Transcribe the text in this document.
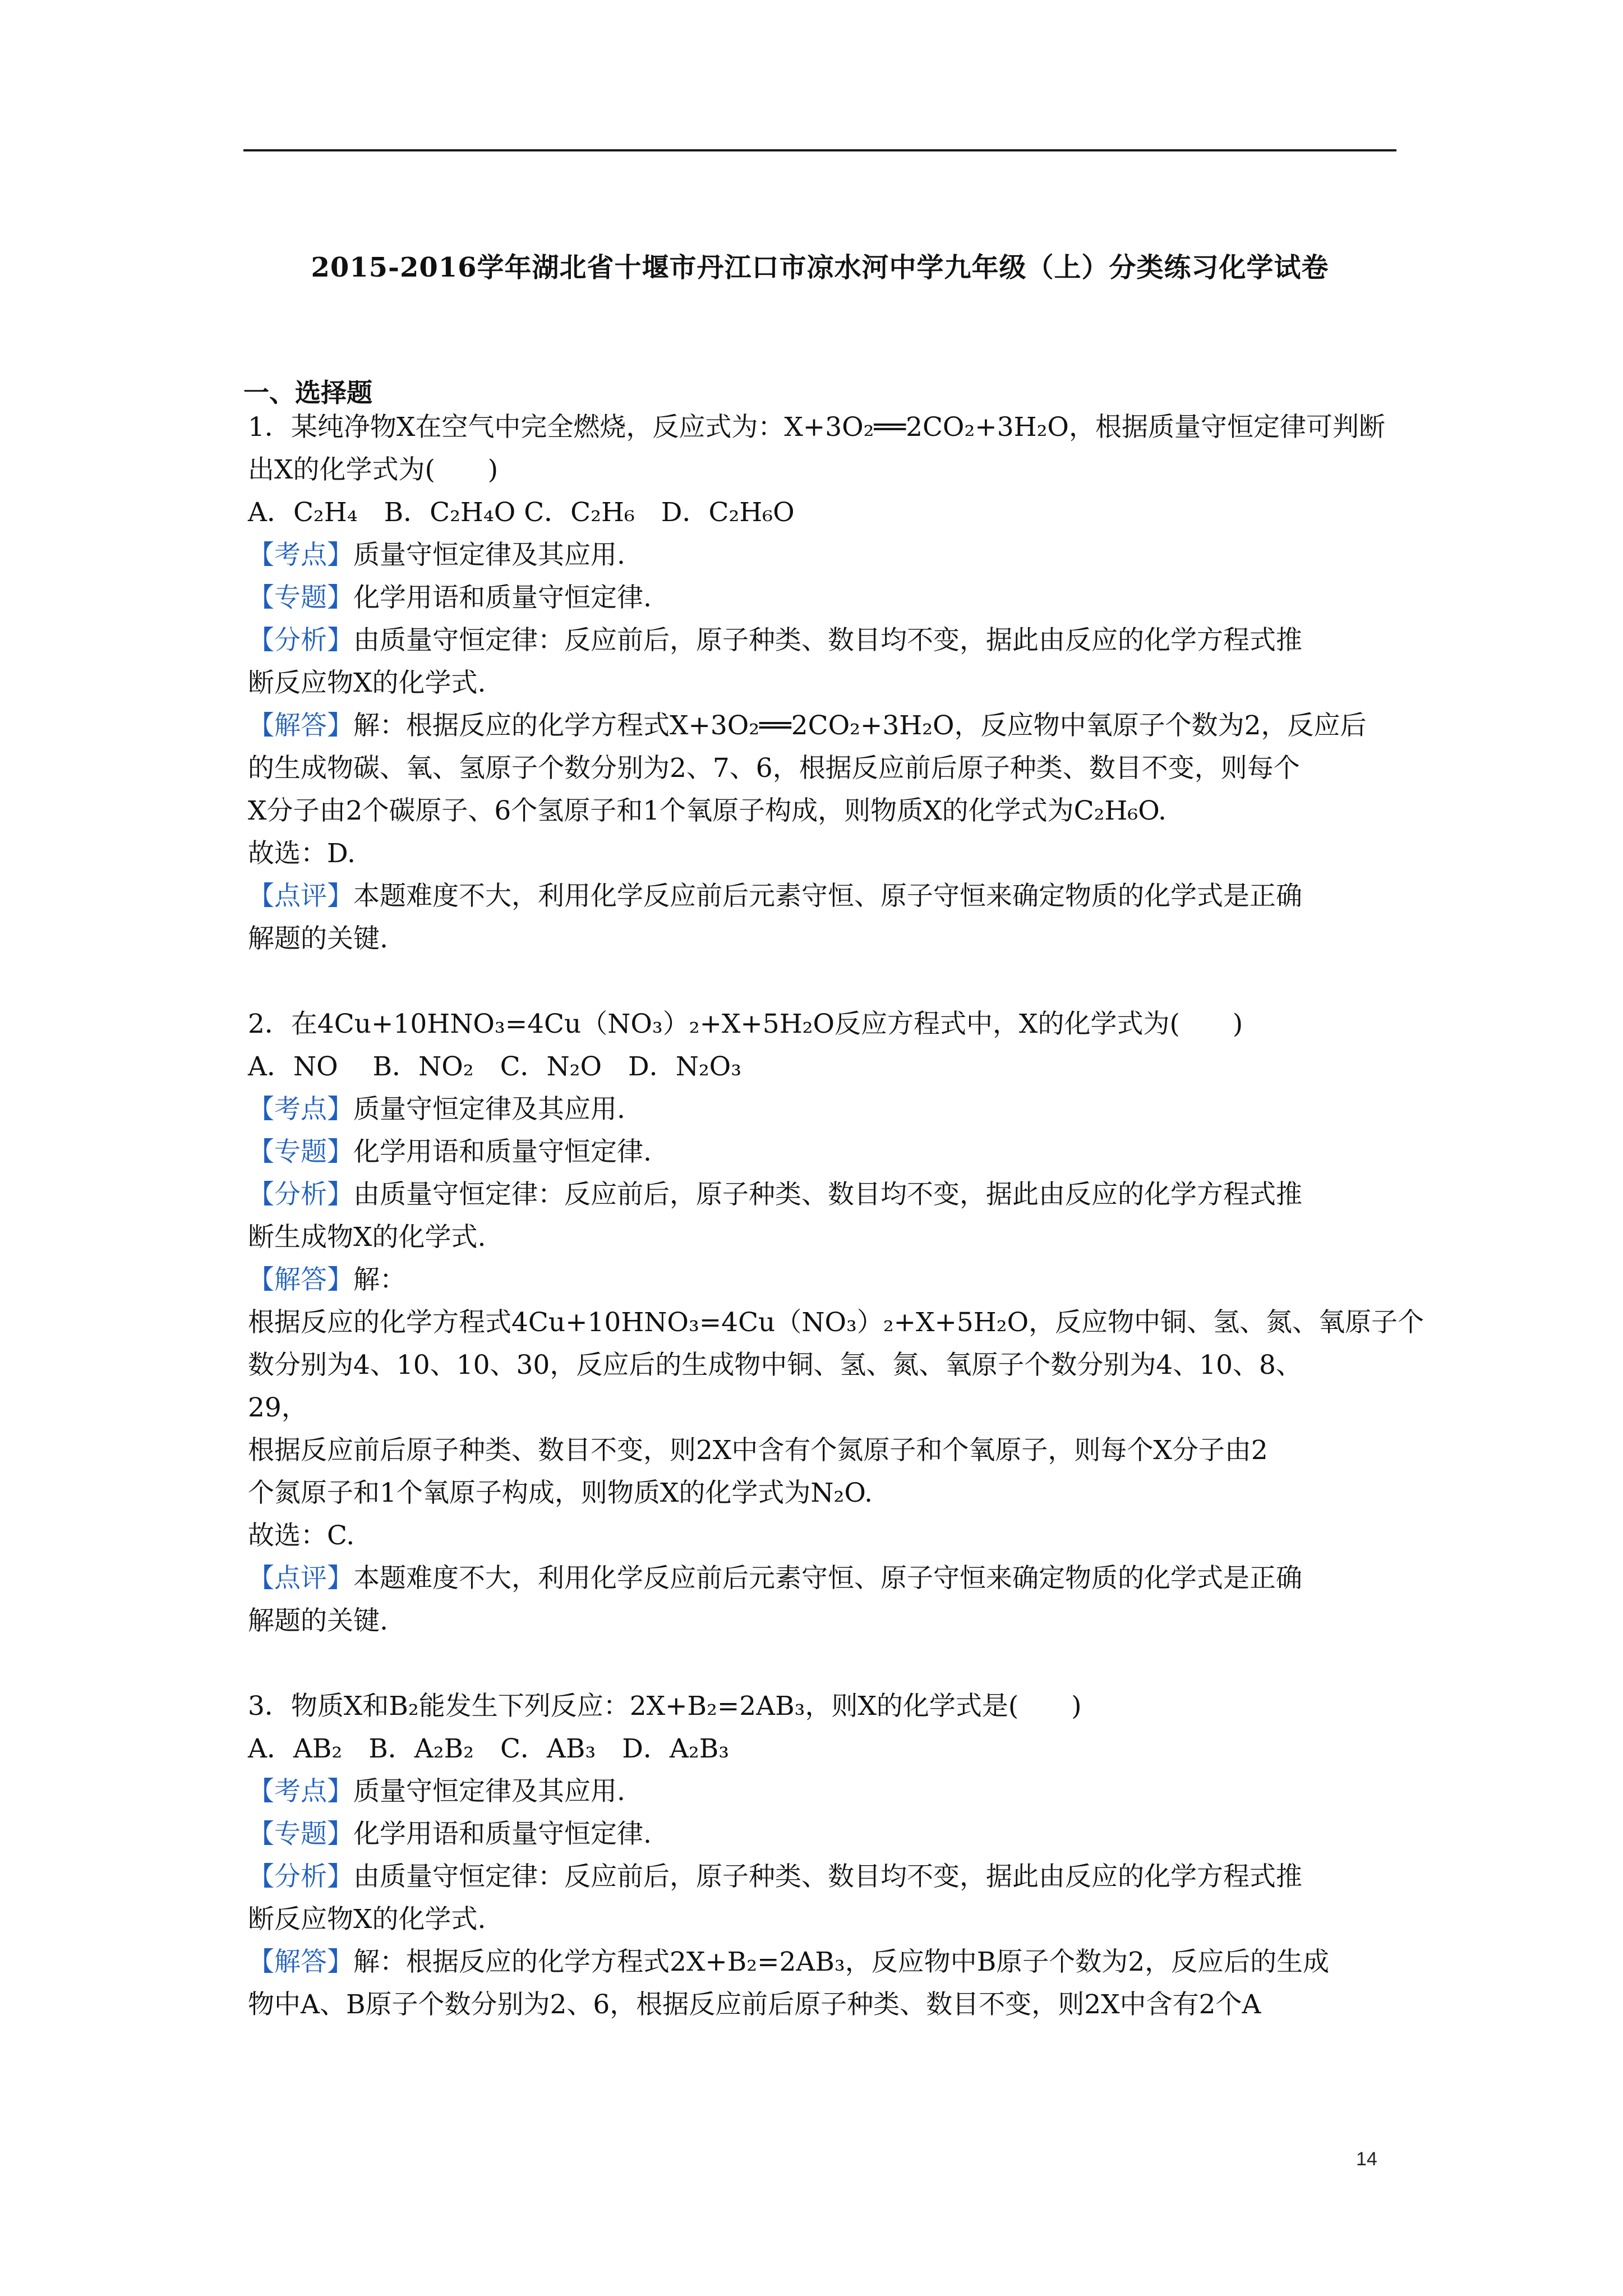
2015-2016学年湖北省十堰市丹江口市凉水河中学九年级（上）分类练习化学试卷
一、选择题
1．某纯净物X在空气中完全燃烧，反应式为：X+3O₂══2CO₂+3H₂O，根据质量守恒定律可判断
出X的化学式为(　　)
A．C₂H₄　B．C₂H₄O C．C₂H₆　D．C₂H₆O
【考点】质量守恒定律及其应用.
【专题】化学用语和质量守恒定律.
【分析】由质量守恒定律：反应前后，原子种类、数目均不变，据此由反应的化学方程式推
断反应物X的化学式.
【解答】解：根据反应的化学方程式X+3O₂══2CO₂+3H₂O，反应物中氧原子个数为2，反应后
的生成物碳、氧、氢原子个数分别为2、7、6，根据反应前后原子种类、数目不变，则每个
X分子由2个碳原子、6个氢原子和1个氧原子构成，则物质X的化学式为C₂H₆O.
故选：D.
【点评】本题难度不大，利用化学反应前后元素守恒、原子守恒来确定物质的化学式是正确
解题的关键.
2．在4Cu+10HNO₃=4Cu（NO₃）₂+X+5H₂O反应方程式中，X的化学式为(　　)
A．NO　 B．NO₂　C．N₂O　D．N₂O₃
【考点】质量守恒定律及其应用.
【专题】化学用语和质量守恒定律.
【分析】由质量守恒定律：反应前后，原子种类、数目均不变，据此由反应的化学方程式推
断生成物X的化学式.
【解答】解：
根据反应的化学方程式4Cu+10HNO₃=4Cu（NO₃）₂+X+5H₂O，反应物中铜、氢、氮、氧原子个
数分别为4、10、10、30，反应后的生成物中铜、氢、氮、氧原子个数分别为4、10、8、
29，
根据反应前后原子种类、数目不变，则2X中含有个氮原子和个氧原子，则每个X分子由2
个氮原子和1个氧原子构成，则物质X的化学式为N₂O.
故选：C.
【点评】本题难度不大，利用化学反应前后元素守恒、原子守恒来确定物质的化学式是正确
解题的关键.
3．物质X和B₂能发生下列反应：2X+B₂=2AB₃，则X的化学式是(　　)
A．AB₂　B．A₂B₂　C．AB₃　D．A₂B₃
【考点】质量守恒定律及其应用.
【专题】化学用语和质量守恒定律.
【分析】由质量守恒定律：反应前后，原子种类、数目均不变，据此由反应的化学方程式推
断反应物X的化学式.
【解答】解：根据反应的化学方程式2X+B₂=2AB₃，反应物中B原子个数为2，反应后的生成
物中A、B原子个数分别为2、6，根据反应前后原子种类、数目不变，则2X中含有2个A
14
